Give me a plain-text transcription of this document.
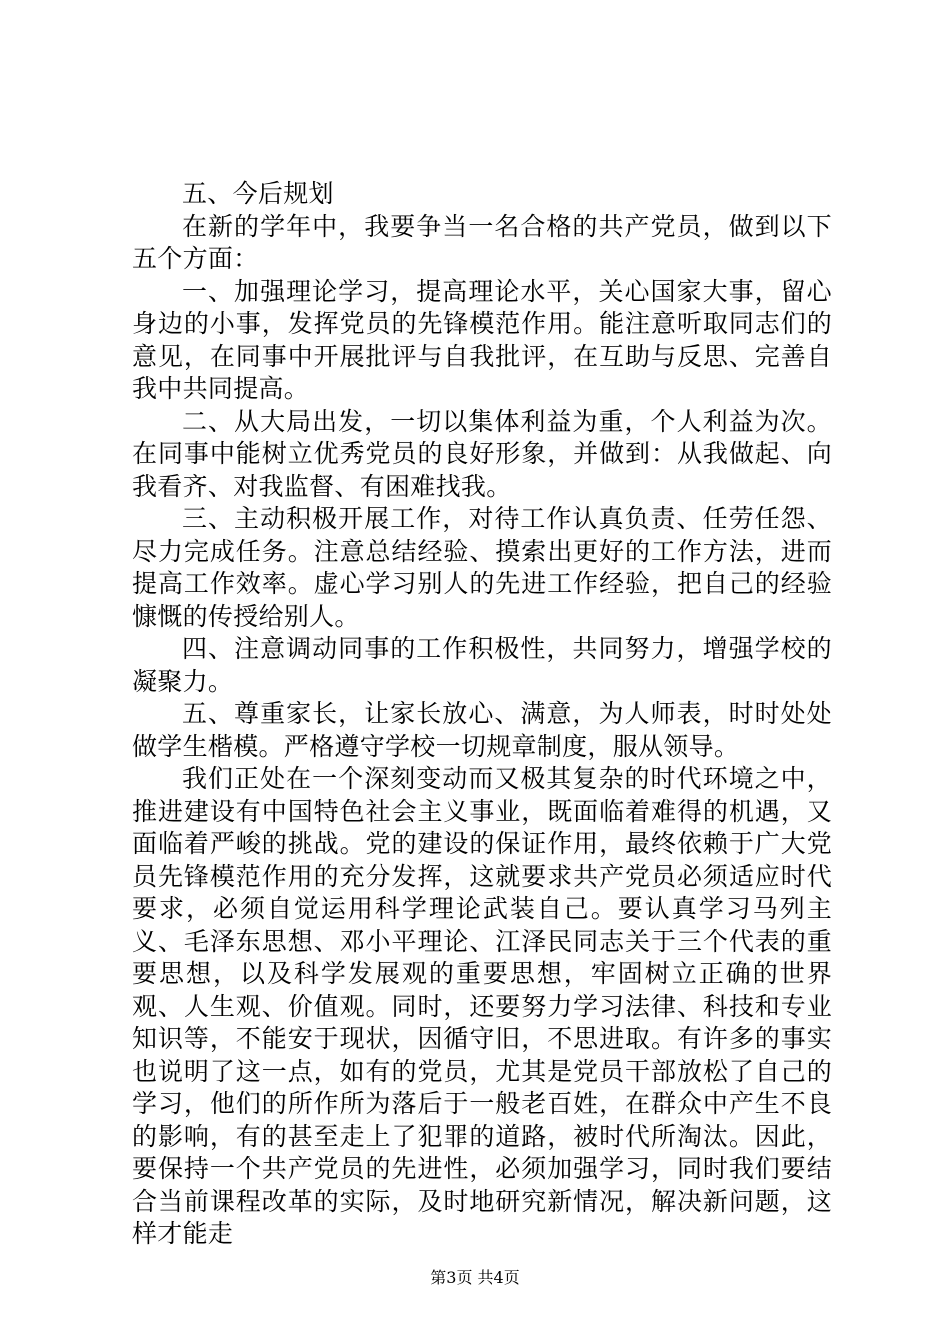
五、今后规划

在新的学年中，我要争当一名合格的共产党员，做到以下五个方面：

一、加强理论学习，提高理论水平，关心国家大事，留心身边的小事，发挥党员的先锋模范作用。能注意听取同志们的意见，在同事中开展批评与自我批评，在互助与反思、完善自我中共同提高。

二、从大局出发，一切以集体利益为重，个人利益为次。在同事中能树立优秀党员的良好形象，并做到：从我做起、向我看齐、对我监督、有困难找我。

三、主动积极开展工作，对待工作认真负责、任劳任怨、尽力完成任务。注意总结经验、摸索出更好的工作方法，进而提高工作效率。虚心学习别人的先进工作经验，把自己的经验慷慨的传授给别人。

四、注意调动同事的工作积极性，共同努力，增强学校的凝聚力。

五、尊重家长，让家长放心、满意，为人师表，时时处处做学生楷模。严格遵守学校一切规章制度，服从领导。

我们正处在一个深刻变动而又极其复杂的时代环境之中，推进建设有中国特色社会主义事业，既面临着难得的机遇，又面临着严峻的挑战。党的建设的保证作用，最终依赖于广大党员先锋模范作用的充分发挥，这就要求共产党员必须适应时代要求，必须自觉运用科学理论武装自己。要认真学习马列主义、毛泽东思想、邓小平理论、江泽民同志关于三个代表的重要思想，以及科学发展观的重要思想，牢固树立正确的世界观、人生观、价值观。同时，还要努力学习法律、科技和专业知识等，不能安于现状，因循守旧，不思进取。有许多的事实也说明了这一点，如有的党员，尤其是党员干部放松了自己的学习，他们的所作所为落后于一般老百姓，在群众中产生不良的影响，有的甚至走上了犯罪的道路，被时代所淘汰。因此，要保持一个共产党员的先进性，必须加强学习，同时我们要结合当前课程改革的实际，及时地研究新情况，解决新问题，这样才能走

第3页 共4页
